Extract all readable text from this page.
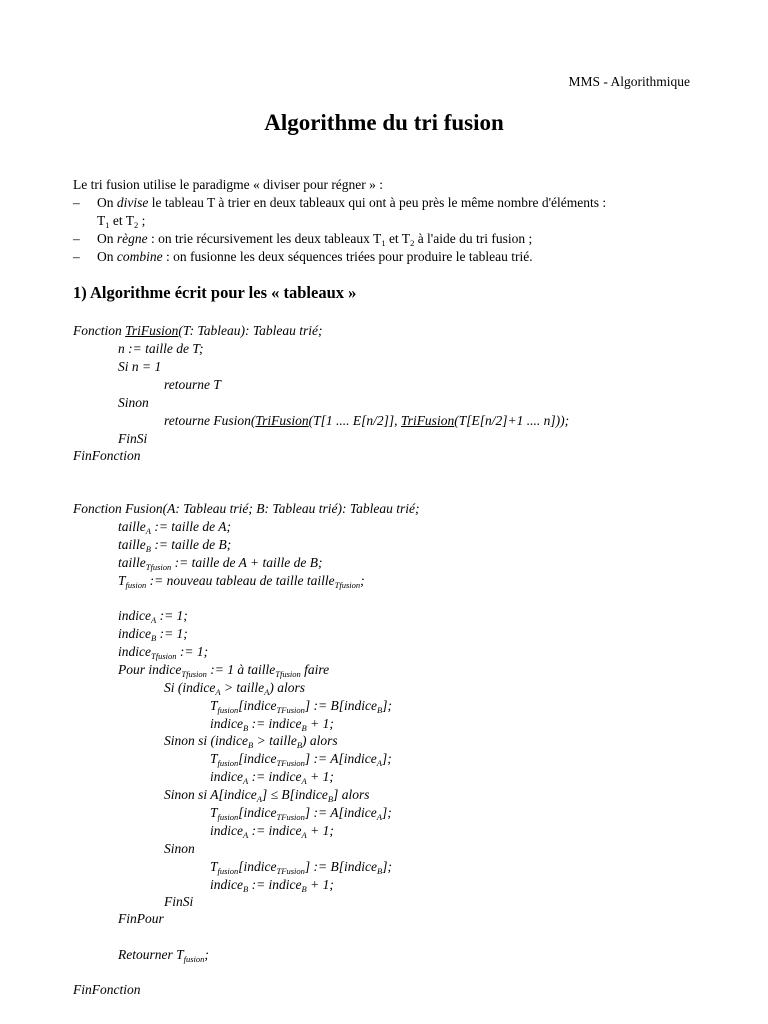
MMS - Algorithmique
Algorithme du tri fusion
Le tri fusion utilise le paradigme « diviser pour régner » :
– On divise le tableau T à trier en deux tableaux qui ont à peu près le même nombre d'éléments :
$T_1$ et $T_2$ ;
– On règne : on trie récursivement les deux tableaux $T_1$ et $T_2$ à l'aide du tri fusion ;
– On combine : on fusionne les deux séquences triées pour produire le tableau trié.
1) Algorithme écrit pour les « tableaux »
Fonction TriFusion(T: Tableau): Tableau trié;
n := taille de T;
Si n = 1
retourne T
Sinon
retourne Fusion(TriFusion(T[1 .... E[n/2]], TriFusion(T[E[n/2]+1 .... n]));
FinSi
FinFonction
Fonction Fusion(A: Tableau trié; B: Tableau trié): Tableau trié;
taille$_A$ := taille de A;
taille$_B$ := taille de B;
taille$_{Tfusion}$ := taille de A + taille de B;
$T_{fusion}$ := nouveau tableau de taille taille$_{Tfusion}$;
indice$_A$ := 1;
indice$_B$ := 1;
indice$_{Tfusion}$ := 1;
Pour indice$_{Tfusion}$ := 1 à taille$_{Tfusion}$ faire
Si (indice$_A$ > taille$_A$) alors
$T_{fusion}[indice_{TFusion}]$ := B[indice$_B$];
indice$_B$ := indice$_B$ + 1;
Sinon si (indice$_B$ > taille$_B$) alors
$T_{fusion}[indice_{TFusion}]$ := A[indice$_A$];
indice$_A$ := indice$_A$ + 1;
Sinon si A[indice$_A$] ≤ B[indice$_B$] alors
$T_{fusion}[indice_{TFusion}]$ := A[indice$_A$];
indice$_A$ := indice$_A$ + 1;
Sinon
$T_{fusion}[indice_{TFusion}]$ := B[indice$_B$];
indice$_B$ := indice$_B$ + 1;
FinSi
FinPour
Retourner $T_{fusion}$;
FinFonction
